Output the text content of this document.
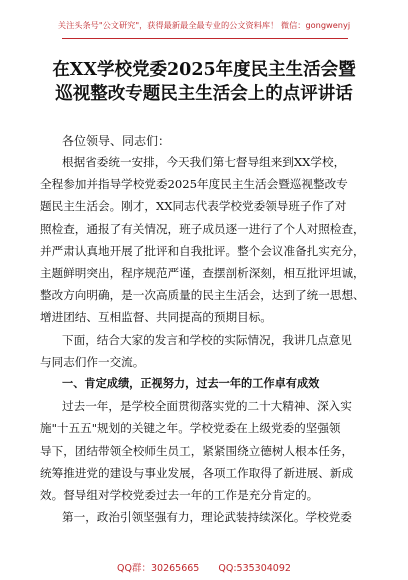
关注头条号"公文研究"，获得最新最全最专业的公文资料库！ 微信：gongwenyj
在XX学校党委2025年度民主生活会暨
巡视整改专题民主生活会上的点评讲话
各位领导、同志们：
根据省委统一安排，今天我们第七督导组来到XX学校，
全程参加并指导学校党委2025年度民主生活会暨巡视整改专
题民主生活会。刚才，XX同志代表学校党委领导班子作了对
照检查，通报了有关情况，班子成员逐一进行了个人对照检查，
并严肃认真地开展了批评和自我批评。整个会议准备扎实充分，
主题鲜明突出，程序规范严谨，查摆剖析深刻，相互批评坦诚，
整改方向明确，是一次高质量的民主生活会，达到了统一思想、
增进团结、互相监督、共同提高的预期目标。
下面，结合大家的发言和学校的实际情况，我讲几点意见
与同志们作一交流。
一、肯定成绩，正视努力，过去一年的工作卓有成效
过去一年，是学校全面贯彻落实党的二十大精神、深入实
施"十五五"规划的关键之年。学校党委在上级党委的坚强领
导下，团结带领全校师生员工，紧紧围绕立德树人根本任务，
统筹推进党的建设与事业发展，各项工作取得了新进展、新成
效。督导组对学校党委过去一年的工作是充分肯定的。
第一，政治引领坚强有力，理论武装持续深化。学校党委
QQ群：30265665 QQ:535304092
